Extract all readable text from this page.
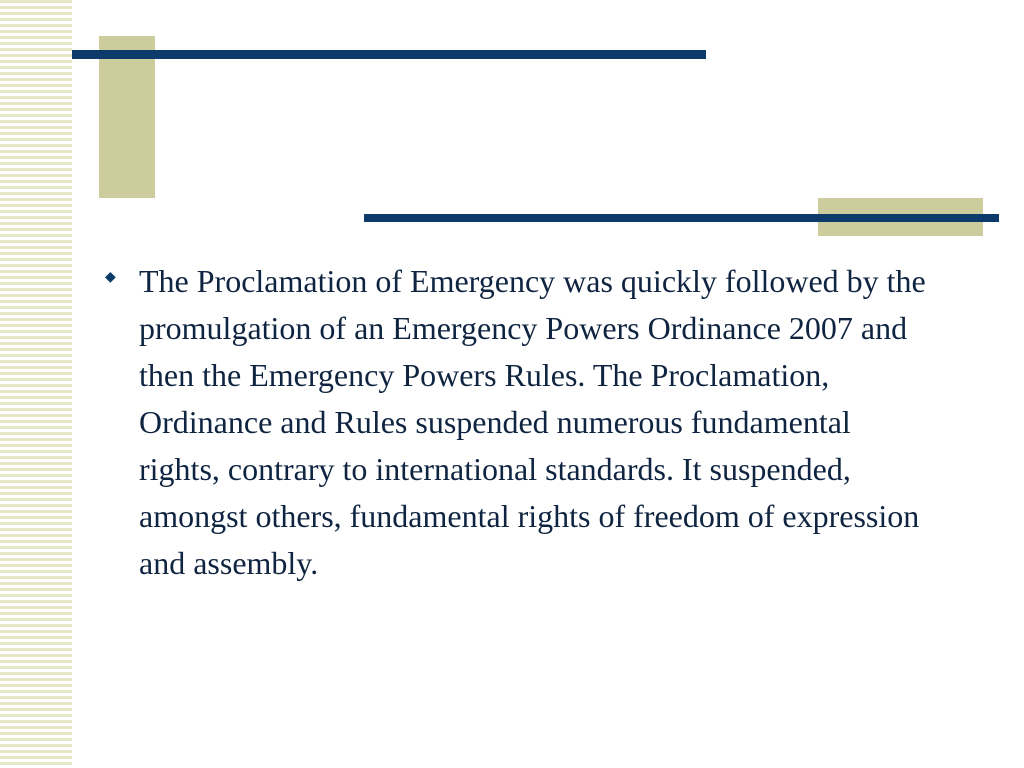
◆ The Proclamation of Emergency was quickly followed by the promulgation of an Emergency Powers Ordinance 2007 and then the Emergency Powers Rules. The Proclamation, Ordinance and Rules suspended numerous fundamental rights, contrary to international standards. It suspended, amongst others, fundamental rights of freedom of expression and assembly.
